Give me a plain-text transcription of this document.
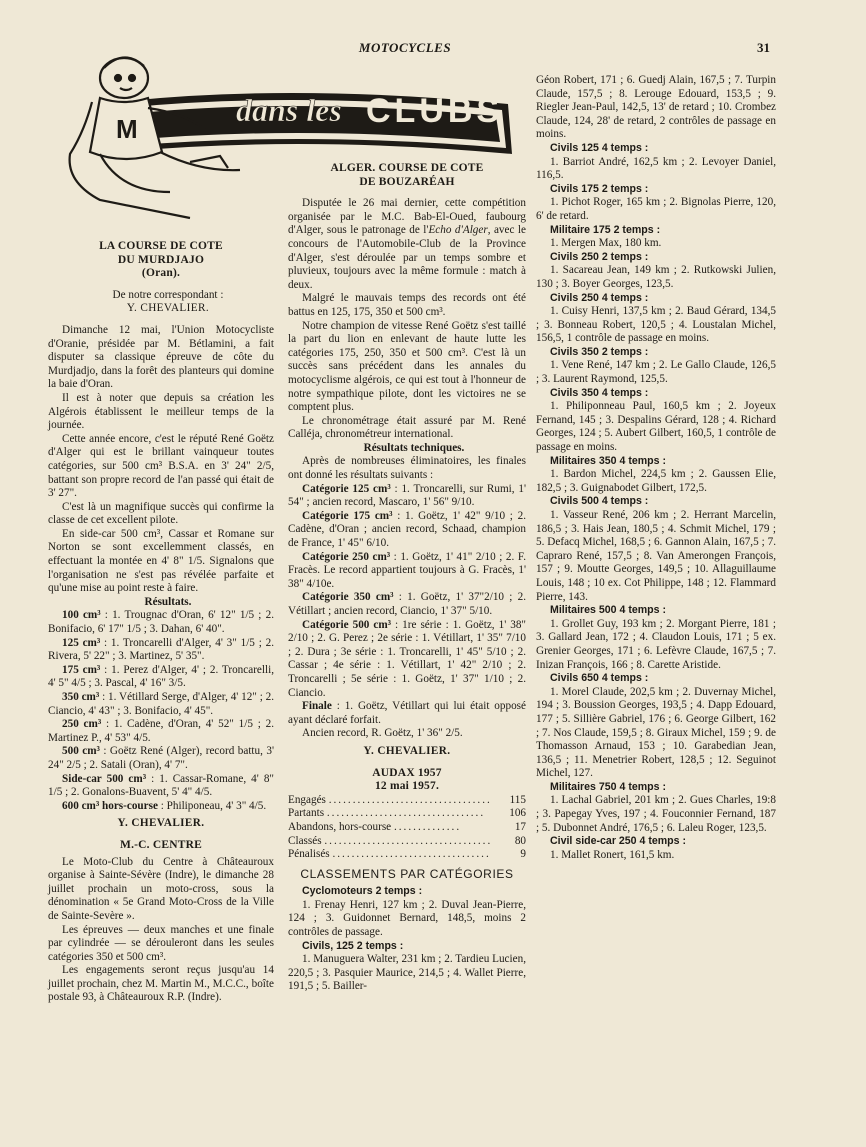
MOTOCYCLES	31
M
dans les CLUBS
LA COURSE DE COTE
DU MURDJAJO
(Oran).

De notre correspondant :

Y. CHEVALIER.

Dimanche 12 mai, l'Union Motocycliste d'Oranie, présidée par M. Bétlamini, a fait disputer sa classique épreuve de côte du Murdjadjo, dans la forêt des planteurs qui domine la baie d'Oran.

Il est à noter que depuis sa création les Algérois établissent le meilleur temps de la journée.

Cette année encore, c'est le réputé René Goëtz d'Alger qui est le brillant vainqueur toutes catégories, sur 500 cm³ B.S.A. en 3' 24" 2/5, battant son propre record de l'an passé qui était de 3' 27".

C'est là un magnifique succès qui confirme la classe de cet excellent pilote.

En side-car 500 cm³, Cassar et Romane sur Norton se sont excellemment classés, en effectuant la montée en 4' 8" 1/5. Signalons que l'organisation ne s'est pas révélée parfaite et qu'une mise au point reste à faire.

Résultats.

100 cm³ : 1. Trougnac d'Oran, 6' 12" 1/5 ; 2. Bonifacio, 6' 17" 1/5 ; 3. Dahan, 6' 40".

125 cm³ : 1. Troncarelli d'Alger, 4' 3" 1/5 ; 2. Rivera, 5' 22" ; 3. Martinez, 5' 35".

175 cm³ : 1. Perez d'Alger, 4' ; 2. Troncarelli, 4' 5" 4/5 ; 3. Pascal, 4' 16" 3/5.

350 cm³ : 1. Vétillard Serge, d'Alger, 4' 12" ; 2. Ciancio, 4' 43" ; 3. Bonifacio, 4' 45".

250 cm³ : 1. Cadène, d'Oran, 4' 52" 1/5 ; 2. Martinez P., 4' 53" 4/5.

500 cm³ : Goëtz René (Alger), record battu, 3' 24" 2/5 ; 2. Satali (Oran), 4' 7".

Side-car 500 cm³ : 1. Cassar-Romane, 4' 8" 1/5 ; 2. Gonalons-Buavent, 5' 4" 4/5.

600 cm³ hors-course : Philiponeau, 4' 3" 4/5.

Y. CHEVALIER.
M.-C. CENTRE

Le Moto-Club du Centre à Châteauroux organise à Sainte-Sévère (Indre), le dimanche 28 juillet prochain un moto-cross, sous la dénomination « 5e Grand Moto-Cross de la Ville de Sainte-Sevère ».

Les épreuves — deux manches et une finale par cylindrée — se dérouleront dans les seules catégories 350 et 500 cm³.

Les engagements seront reçus jusqu'au 14 juillet prochain, chez M. Martin M., M.C.C., boîte postale 93, à Châteauroux R.P. (Indre).

ALGER. COURSE DE COTE
DE BOUZARÉAH

Disputée le 26 mai dernier, cette compétition organisée par le M.C. Bab-El-Oued, faubourg d'Alger, sous le patronage de l'Echo d'Alger, avec le concours de l'Automobile-Club de la Province d'Alger, s'est déroulée par un temps sombre et pluvieux, toujours avec la même formule : match à deux.

Malgré le mauvais temps des records ont été battus en 125, 175, 350 et 500 cm³.

Notre champion de vitesse René Goëtz s'est taillé la part du lion en enlevant de haute lutte les catégories 175, 250, 350 et 500 cm³. C'est là un succès sans précédent dans les annales du motocyclisme algérois, ce qui est tout à l'honneur de notre sympathique pilote, dont les victoires ne se comptent plus.

Le chronométrage était assuré par M. René Calléja, chronométreur international.

Résultats techniques.

Après de nombreuses éliminatoires, les finales ont donné les résultats suivants :

Catégorie 125 cm³ : 1. Troncarelli, sur Rumi, 1' 54" ; ancien record, Mascaro, 1' 56" 9/10.

Catégorie 175 cm³ : 1. Goëtz, 1' 42" 9/10 ; 2. Cadène, d'Oran ; ancien record, Schaad, champion de France, 1' 45" 6/10.

Catégorie 250 cm³ : 1. Goëtz, 1' 41" 2/10 ; 2. F. Fracès. Le record appartient toujours à G. Fracès, 1' 38" 4/10e.

Catégorie 350 cm³ : 1. Goëtz, 1' 37"2/10 ; 2. Vétillart ; ancien record, Ciancio, 1' 37" 5/10.

Catégorie 500 cm³ : 1re série : 1. Goëtz, 1' 38" 2/10 ; 2. G. Perez ; 2e série : 1. Vétillart, 1' 35" 7/10 ; 2. Dura ; 3e série : 1. Troncarelli, 1' 45" 5/10 ; 2. Cassar ; 4e série : 1. Vétillart, 1' 42" 2/10 ; 2. Troncarelli ; 5e série : 1. Goëtz, 1' 37" 1/10 ; 2. Ciancio.

Finale : 1. Goëtz, Vétillart qui lui était opposé ayant déclaré forfait.

Ancien record, R. Goëtz, 1' 36" 2/5.

Y. CHEVALIER.
AUDAX 1957
12 mai 1957.
Engagés ..................................	115
Partants .................................	106
Abandons, hors-course ..............	17
Classés ...................................	80
Pénalisés .................................	9
CLASSEMENTS PAR CATÉGORIES

Cyclomoteurs 2 temps :

1. Frenay Henri, 127 km ; 2. Duval Jean-Pierre, 124 ; 3. Guidonnet Bernard, 148,5, moins 2 contrôles de passage.

Civils, 125 2 temps :

1. Manuguera Walter, 231 km ; 2. Tardieu Lucien, 220,5 ; 3. Pasquier Maurice, 214,5 ; 4. Wallet Pierre, 191,5 ; 5. Bailler-

Géon Robert, 171 ; 6. Guedj Alain, 167,5 ; 7. Turpin Claude, 157,5 ; 8. Lerouge Edouard, 153,5 ; 9. Riegler Jean-Paul, 142,5, 13' de retard ; 10. Crombez Claude, 124, 28' de retard, 2 contrôles de passage en moins.

Civils 125 4 temps :

1. Barriot André, 162,5 km ; 2. Levoyer Daniel, 116,5.

Civils 175 2 temps :

1. Pichot Roger, 165 km ; 2. Bignolas Pierre, 120, 6' de retard.

Militaire 175 2 temps :

1. Mergen Max, 180 km.

Civils 250 2 temps :

1. Sacareau Jean, 149 km ; 2. Rutkowski Julien, 130 ; 3. Boyer Georges, 123,5.

Civils 250 4 temps :

1. Cuisy Henri, 137,5 km ; 2. Baud Gérard, 134,5 ; 3. Bonneau Robert, 120,5 ; 4. Loustalan Michel, 156,5, 1 contrôle de passage en moins.

Civils 350 2 temps :

1. Vene René, 147 km ; 2. Le Gallo Claude, 126,5 ; 3. Laurent Raymond, 125,5.

Civils 350 4 temps :

1. Philiponneau Paul, 160,5 km ; 2. Joyeux Fernand, 145 ; 3. Despalins Gérard, 128 ; 4. Richard Georges, 124 ; 5. Aubert Gilbert, 160,5, 1 contrôle de passage en moins.

Militaires 350 4 temps :

1. Bardon Michel, 224,5 km ; 2. Gaussen Elie, 182,5 ; 3. Guignabodet Gilbert, 172,5.

Civils 500 4 temps :

1. Vasseur René, 206 km ; 2. Herrant Marcelin, 186,5 ; 3. Hais Jean, 180,5 ; 4. Schmit Michel, 179 ; 5. Defacq Michel, 168,5 ; 6. Gannon Alain, 167,5 ; 7. Capraro René, 157,5 ; 8. Van Amerongen François, 157 ; 9. Moutte Georges, 149,5 ; 10. Allaguillaume Louis, 148 ; 10 ex. Cot Philippe, 148 ; 12. Flammard Pierre, 143.

Militaires 500 4 temps :

1. Grollet Guy, 193 km ; 2. Morgant Pierre, 181 ; 3. Gallard Jean, 172 ; 4. Claudon Louis, 171 ; 5 ex. Grenier Georges, 171 ; 6. Lefèvre Claude, 167,5 ; 7. Inizan François, 166 ; 8. Carette Aristide.

Civils 650 4 temps :

1. Morel Claude, 202,5 km ; 2. Duvernay Michel, 194 ; 3. Boussion Georges, 193,5 ; 4. Dapp Edouard, 177 ; 5. Sillière Gabriel, 176 ; 6. George Gilbert, 162 ; 7. Nos Claude, 159,5 ; 8. Giraux Michel, 159 ; 9. de Thomasson Arnaud, 153 ; 10. Garabedian Jean, 136,5 ; 11. Menetrier Robert, 128,5 ; 12. Seguinot Michel, 127.

Militaires 750 4 temps :

1. Lachal Gabriel, 201 km ; 2. Gues Charles, 19:8 ; 3. Papegay Yves, 197 ; 4. Fouconnier Fernand, 187 ; 5. Dubonnet André, 176,5 ; 6. Laleu Roger, 123,5.

Civil side-car 250 4 temps :

1. Mallet Ronert, 161,5 km.
